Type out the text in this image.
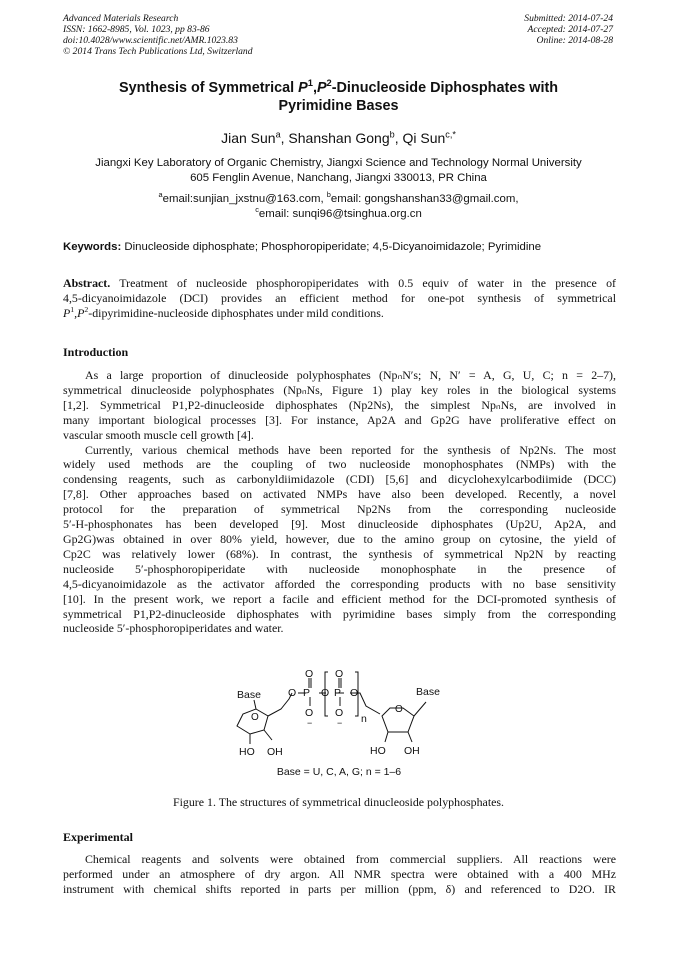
Advanced Materials Research
ISSN: 1662-8985, Vol. 1023, pp 83-86
doi:10.4028/www.scientific.net/AMR.1023.83
© 2014 Trans Tech Publications Ltd, Switzerland
Submitted: 2014-07-24
Accepted: 2014-07-27
Online: 2014-08-28
Synthesis of Symmetrical $P^1,P^2$-Dinucleoside Diphosphates with
Pyrimidine Bases
Jian Sun$^a$, Shanshan Gong$^b$, Qi Sun$^{c,*}$
Jiangxi Key Laboratory of Organic Chemistry, Jiangxi Science and Technology Normal University
605 Fenglin Avenue, Nanchang, Jiangxi 330013, PR China
$^a$email:sunjian_jxstnu@163.com, $^b$email: gongshanshan33@gmail.com,
$^c$email: sunqi96@tsinghua.org.cn
Keywords: Dinucleoside diphosphate; Phosphoropiperidate; 4,5-Dicyanoimidazole; Pyrimidine
Abstract. Treatment of nucleoside phosphoropiperidates with 0.5 equiv of water in the presence of
4,5-dicyanoimidazole (DCI) provides an efficient method for one-pot synthesis of symmetrical
$P^1,P^2-dipyrimidine$-nucleoside diphosphates under mild conditions.
Introduction
As a large proportion of dinucleoside polyphosphates (NpₙN′s; N, N′ = A, G, U, C; n = 2–7),
symmetrical dinucleoside polyphosphates (NpₙNs, Figure 1) play key roles in the biological systems
[1,2]. Symmetrical P1,P2-dinucleoside diphosphates (Np2Ns), the simplest NpₙNs, are involved in
many important biological processes [3]. For instance, Ap2A and Gp2G have proliferative effect on
vascular smooth muscle cell growth [4].
Currently, various chemical methods have been reported for the synthesis of Np2Ns. The most
widely used methods are the coupling of two nucleoside monophosphates (NMPs) with the
condensing reagents, such as carbonyldiimidazole (CDI) [5,6] and dicyclohexylcarbodiimide (DCC)
[7,8]. Other approaches based on activated NMPs have also been developed. Recently, a novel
protocol for the preparation of symmetrical Np2Ns from the corresponding nucleoside
5′-H-phosphonates has been developed [9]. Most dinucleoside diphosphates (Up2U, Ap2A, and
Gp2G)was obtained in over 80% yield, however, due to the amino group on cytosine, the yield of
Cp2C was relatively lower (68%). In contrast, the synthesis of symmetrical Np2N by reacting
nucleoside 5′-phosphoropiperidate with nucleoside monophosphate in the presence of
4,5-dicyanoimidazole as the activator afforded the corresponding products with no base sensitivity
[10]. In the present work, we report a facile and efficient method for the DCI-promoted synthesis of
symmetrical P1,P2-dinucleoside diphosphates with pyrimidine bases simply from the corresponding
nucleoside 5′-phosphoropiperidates and water.
Base
O
O P
O
O
−
O P
O
O
−
O
n
O
Base
HO OH	HO OH
Base = U, C, A, G; n = 1–6
Figure 1. The structures of symmetrical dinucleoside polyphosphates.
Experimental
Chemical reagents and solvents were obtained from commercial suppliers. All reactions were
performed under an atmosphere of dry argon. All NMR spectra were obtained with a 400 MHz
instrument with chemical shifts reported in parts per million (ppm, δ) and referenced to D2O. IR
